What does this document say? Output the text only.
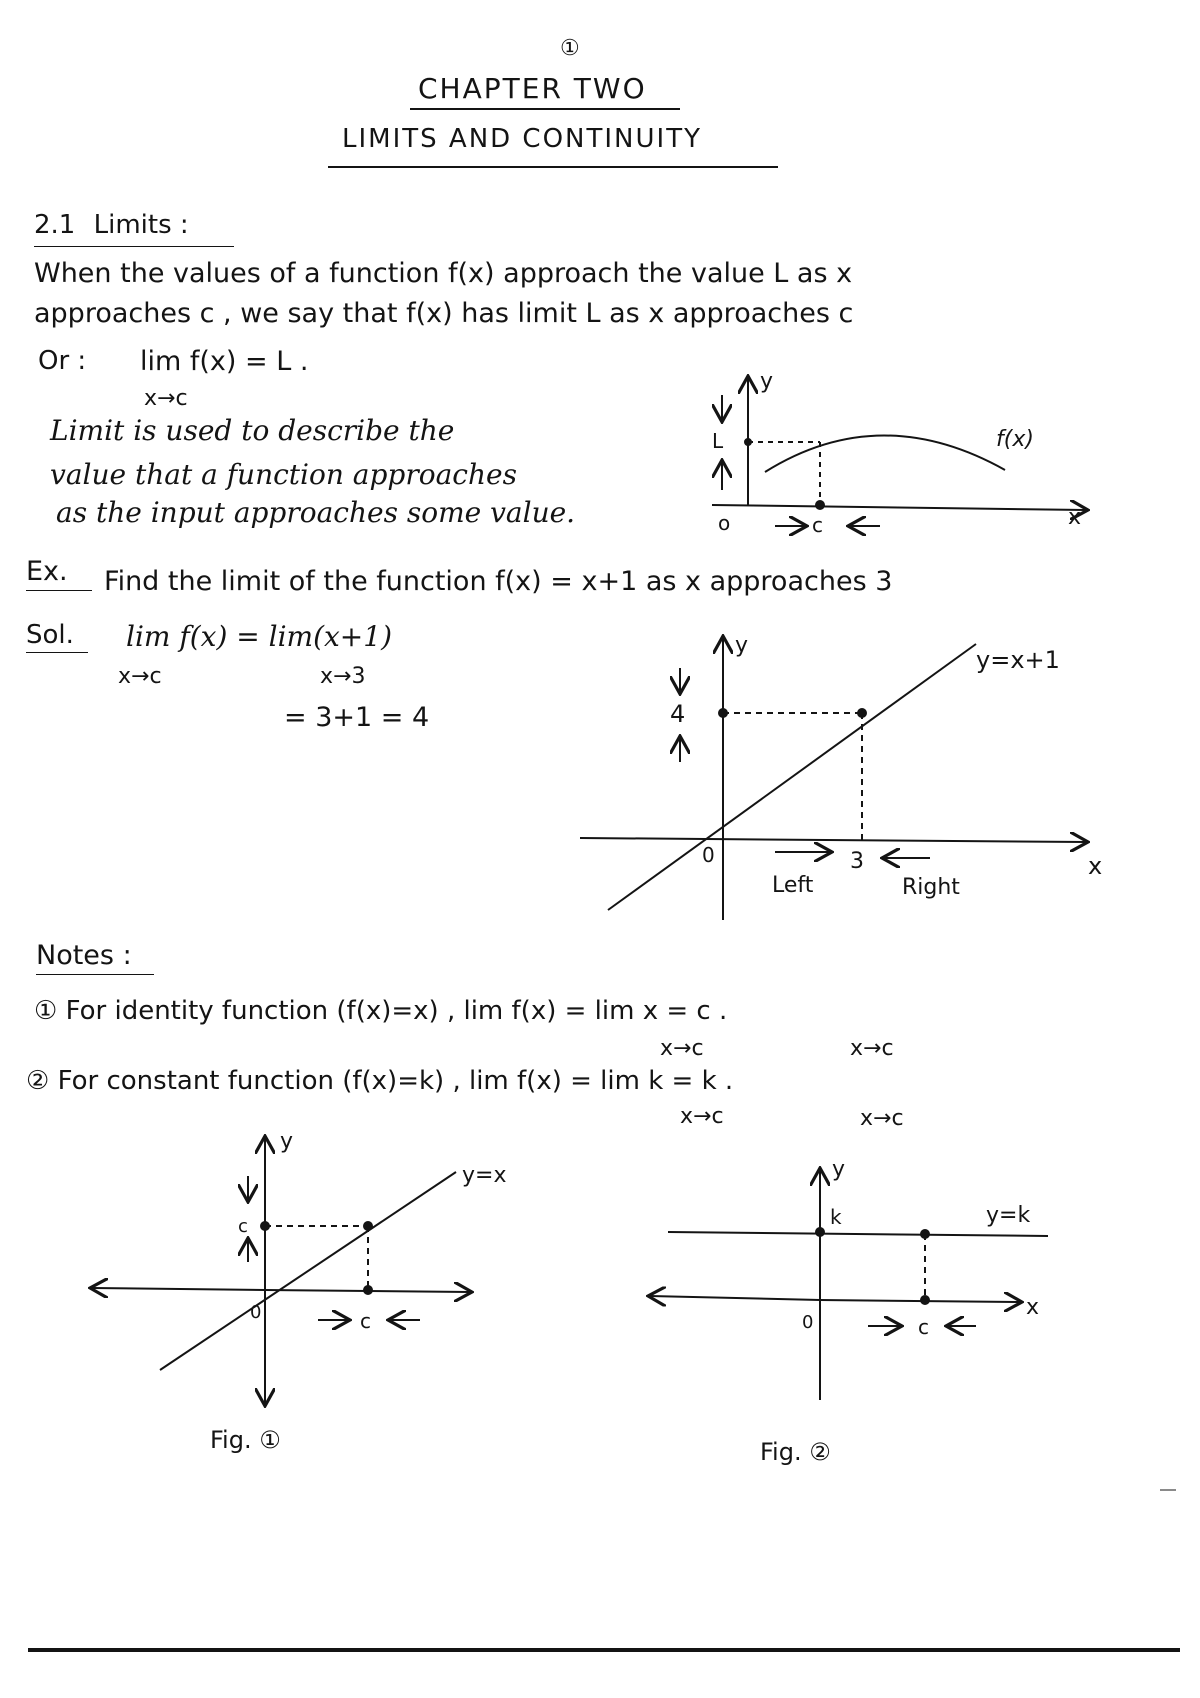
①
CHAPTER TWO
LIMITS AND CONTINUITY
2.1 Limits :
When the values of a function f(x) approach the value L as x
approaches c , we say that f(x) has limit L as x approaches c
Or : lim f(x) = L .
x→c
Limit is used to describe the
value that a function approaches
as the input approaches some value.
Ex. Find the limit of the function f(x) = x+1 as x approaches 3
Sol. lim f(x) = lim(x+1)
x→c	x→3
= 3+1 = 4
Notes :
① For identity function (f(x)=x) , lim f(x) = lim x = c .
x→c	x→c
② For constant function (f(x)=k) , lim f(x) = lim k = k .
x→c	x→c
y
x
L
o	c
f(x)
y
x
y=x+1
4
3
0
Left	Right
y
y=x
c
c
0
Fig. ①
y
x
k	y=k
c
0
Fig. ②
